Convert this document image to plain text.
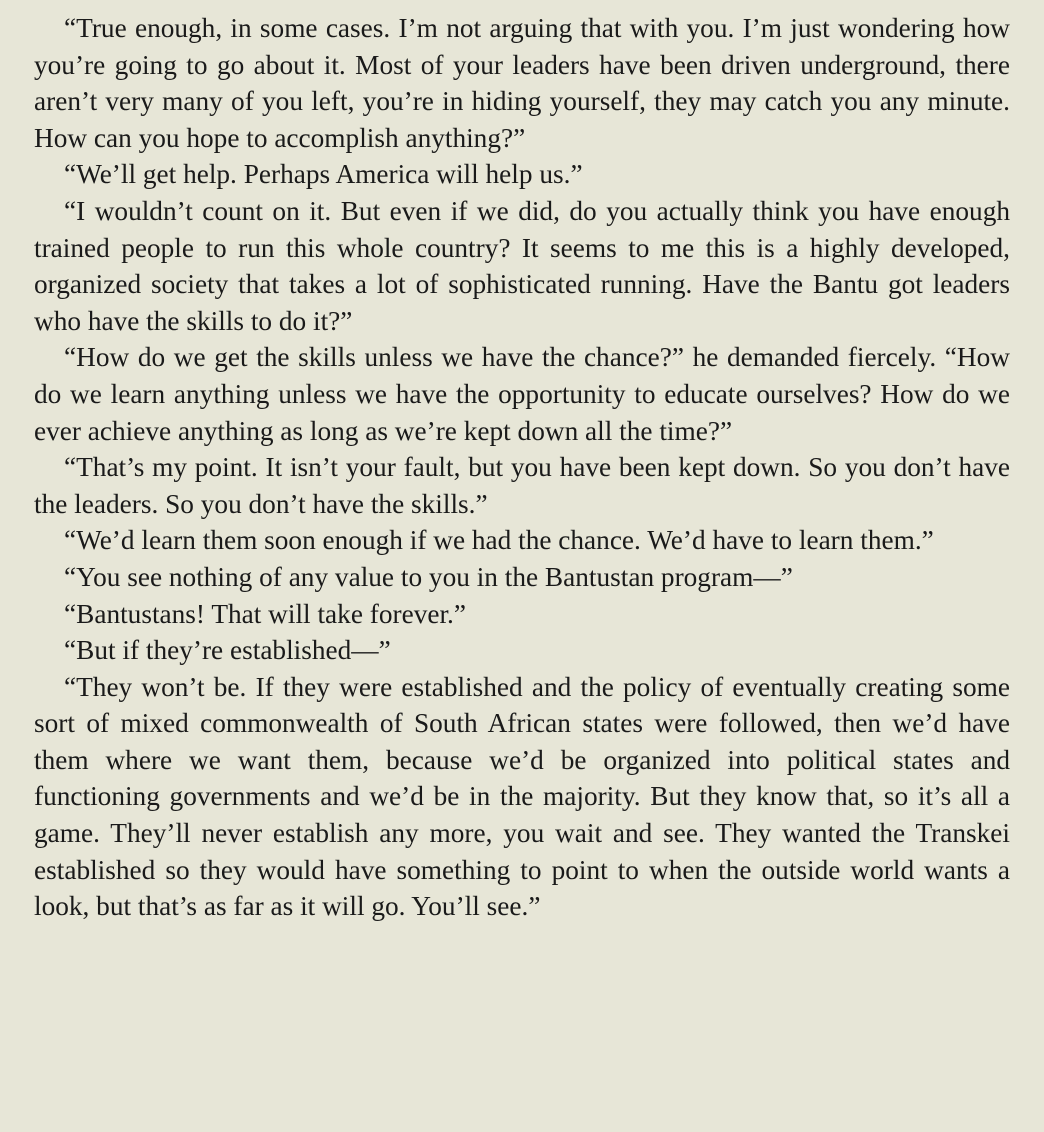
“True enough, in some cases. I’m not arguing that with you. I’m just wondering how you’re going to go about it. Most of your leaders have been driven underground, there aren’t very many of you left, you’re in hiding yourself, they may catch you any minute. How can you hope to accomplish anything?”

“We’ll get help. Perhaps America will help us.”

“I wouldn’t count on it. But even if we did, do you actually think you have enough trained people to run this whole country? It seems to me this is a highly developed, organized society that takes a lot of sophisticated running. Have the Bantu got leaders who have the skills to do it?”

“How do we get the skills unless we have the chance?” he demanded fiercely. “How do we learn anything unless we have the opportunity to educate ourselves? How do we ever achieve anything as long as we’re kept down all the time?”

“That’s my point. It isn’t your fault, but you have been kept down. So you don’t have the leaders. So you don’t have the skills.”

“We’d learn them soon enough if we had the chance. We’d have to learn them.”

“You see nothing of any value to you in the Bantustan program—”

“Bantustans! That will take forever.”

“But if they’re established—”

“They won’t be. If they were established and the policy of eventually creating some sort of mixed commonwealth of South African states were followed, then we’d have them where we want them, because we’d be organized into political states and functioning governments and we’d be in the majority. But they know that, so it’s all a game. They’ll never establish any more, you wait and see. They wanted the Transkei established so they would have something to point to when the outside world wants a look, but that’s as far as it will go. You’ll see.”
